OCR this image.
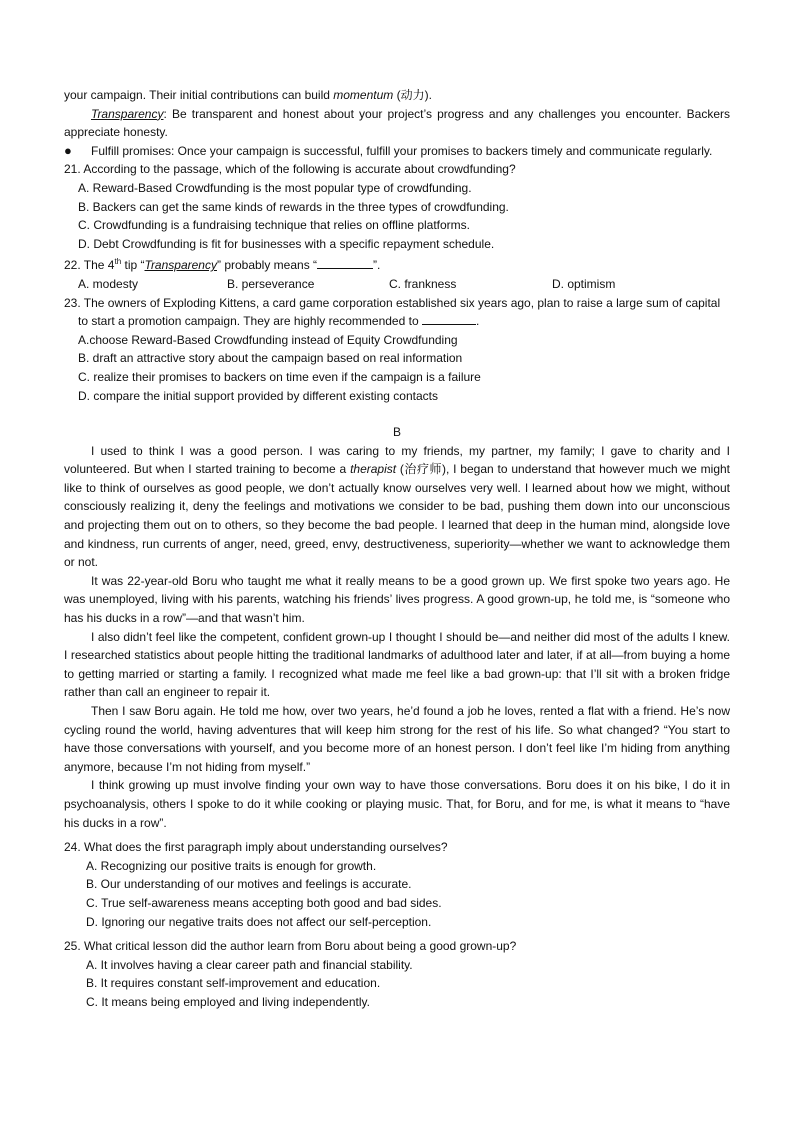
your campaign. Their initial contributions can build momentum (动力).

Transparency: Be transparent and honest about your project’s progress and any challenges you encounter. Backers appreciate honesty.

●	Fulfill promises: Once your campaign is successful, fulfill your promises to backers timely and communicate regularly.

21. According to the passage, which of the following is accurate about crowdfunding?

A. Reward-Based Crowdfunding is the most popular type of crowdfunding.

B. Backers can get the same kinds of rewards in the three types of crowdfunding.

C. Crowdfunding is a fundraising technique that relies on offline platforms.

D. Debt Crowdfunding is fit for businesses with a specific repayment schedule.

22. The 4th tip “Transparency” probably means “	”.

A. modesty	B. perseverance	C. frankness	D. optimism

23. The owners of Exploding Kittens, a card game corporation established six years ago, plan to raise a large sum of capital to start a promotion campaign. They are highly recommended to	.

A.choose Reward-Based Crowdfunding instead of Equity Crowdfunding

B. draft an attractive story about the campaign based on real information

C. realize their promises to backers on time even if the campaign is a failure

D. compare the initial support provided by different existing contacts

B

I used to think I was a good person. I was caring to my friends, my partner, my family; I gave to charity and I volunteered. But when I started training to become a therapist (治疗师), I began to understand that however much we might like to think of ourselves as good people, we don’t actually know ourselves very well. I learned about how we might, without consciously realizing it, deny the feelings and motivations we consider to be bad, pushing them down into our unconscious and projecting them out on to others, so they become the bad people. I learned that deep in the human mind, alongside love and kindness, run currents of anger, need, greed, envy, destructiveness, superiority—whether we want to acknowledge them or not.

It was 22-year-old Boru who taught me what it really means to be a good grown up. We first spoke two years ago. He was unemployed, living with his parents, watching his friends’ lives progress. A good grown-up, he told me, is “someone who has his ducks in a row”—and that wasn’t him.

I also didn’t feel like the competent, confident grown-up I thought I should be—and neither did most of the adults I knew. I researched statistics about people hitting the traditional landmarks of adulthood later and later, if at all—from buying a home to getting married or starting a family. I recognized what made me feel like a bad grown-up: that I’ll sit with a broken fridge rather than call an engineer to repair it.

Then I saw Boru again. He told me how, over two years, he’d found a job he loves, rented a flat with a friend. He’s now cycling round the world, having adventures that will keep him strong for the rest of his life. So what changed? “You start to have those conversations with yourself, and you become more of an honest person. I don’t feel like I’m hiding from anything anymore, because I’m not hiding from myself.”

I think growing up must involve finding your own way to have those conversations. Boru does it on his bike, I do it in psychoanalysis, others I spoke to do it while cooking or playing music. That, for Boru, and for me, is what it means to “have his ducks in a row”.

24. What does the first paragraph imply about understanding ourselves?

A. Recognizing our positive traits is enough for growth.

B. Our understanding of our motives and feelings is accurate.

C. True self-awareness means accepting both good and bad sides.

D. Ignoring our negative traits does not affect our self-perception.

25. What critical lesson did the author learn from Boru about being a good grown-up?

A. It involves having a clear career path and financial stability.

B. It requires constant self-improvement and education.

C. It means being employed and living independently.
